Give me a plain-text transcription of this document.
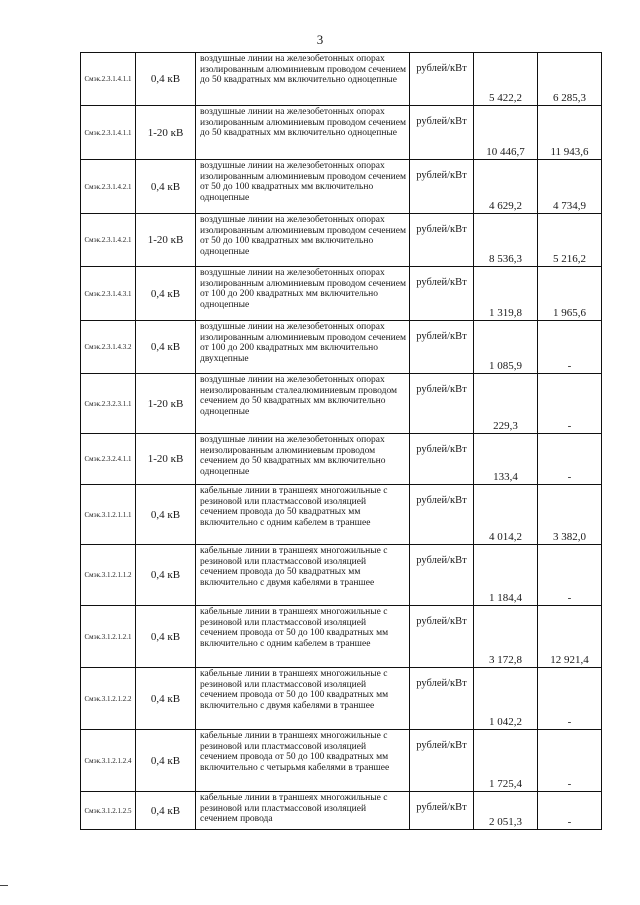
3
Смэк.2.3.1.4.1.1	0,4 кВ	воздушные линии на железобетонных опорах изолированным алюминиевым проводом сечением до 50 квадратных мм включительно одноцепные	рублей/кВт	5 422,2	6 285,3
Смэк.2.3.1.4.1.1	1-20 кВ	воздушные линии на железобетонных опорах изолированным алюминиевым проводом сечением до 50 квадратных мм включительно одноцепные	рублей/кВт	10 446,7	11 943,6
Смэк.2.3.1.4.2.1	0,4 кВ	воздушные линии на железобетонных опорах изолированным алюминиевым проводом сечением от 50 до 100 квадратных мм включительно одноцепные	рублей/кВт	4 629,2	4 734,9
Смэк.2.3.1.4.2.1	1-20 кВ	воздушные линии на железобетонных опорах изолированным алюминиевым проводом сечением от 50 до 100 квадратных мм включительно одноцепные	рублей/кВт	8 536,3	5 216,2
Смэк.2.3.1.4.3.1	0,4 кВ	воздушные линии на железобетонных опорах изолированным алюминиевым проводом сечением от 100 до 200 квадратных мм включительно одноцепные	рублей/кВт	1 319,8	1 965,6
Смэк.2.3.1.4.3.2	0,4 кВ	воздушные линии на железобетонных опорах изолированным алюминиевым проводом сечением от 100 до 200 квадратных мм включительно двухцепные	рублей/кВт	1 085,9	-
Смэк.2.3.2.3.1.1	1-20 кВ	воздушные линии на железобетонных опорах неизолированным сталеалюминиевым проводом сечением до 50 квадратных мм включительно одноцепные	рублей/кВт	229,3	-
Смэк.2.3.2.4.1.1	1-20 кВ	воздушные линии на железобетонных опорах неизолированным алюминиевым проводом сечением до 50 квадратных мм включительно одноцепные	рублей/кВт	133,4	-
Смэк.3.1.2.1.1.1	0,4 кВ	кабельные линии в траншеях многожильные с резиновой или пластмассовой изоляцией сечением провода до 50 квадратных мм включительно с одним кабелем в траншее	рублей/кВт	4 014,2	3 382,0
Смэк.3.1.2.1.1.2	0,4 кВ	кабельные линии в траншеях многожильные с резиновой или пластмассовой изоляцией сечением провода до 50 квадратных мм включительно с двумя кабелями в траншее	рублей/кВт	1 184,4	-
Смэк.3.1.2.1.2.1	0,4 кВ	кабельные линии в траншеях многожильные с резиновой или пластмассовой изоляцией сечением провода от 50 до 100 квадратных мм включительно с одним кабелем в траншее	рублей/кВт	3 172,8	12 921,4
Смэк.3.1.2.1.2.2	0,4 кВ	кабельные линии в траншеях многожильные с резиновой или пластмассовой изоляцией сечением провода от 50 до 100 квадратных мм включительно с двумя кабелями в траншее	рублей/кВт	1 042,2	-
Смэк.3.1.2.1.2.4	0,4 кВ	кабельные линии в траншеях многожильные с резиновой или пластмассовой изоляцией сечением провода от 50 до 100 квадратных мм включительно с четырьмя кабелями в траншее	рублей/кВт	1 725,4	-
Смэк.3.1.2.1.2.5	0,4 кВ	кабельные линии в траншеях многожильные с резиновой или пластмассовой изоляцией сечением провода	рублей/кВт	2 051,3	-
